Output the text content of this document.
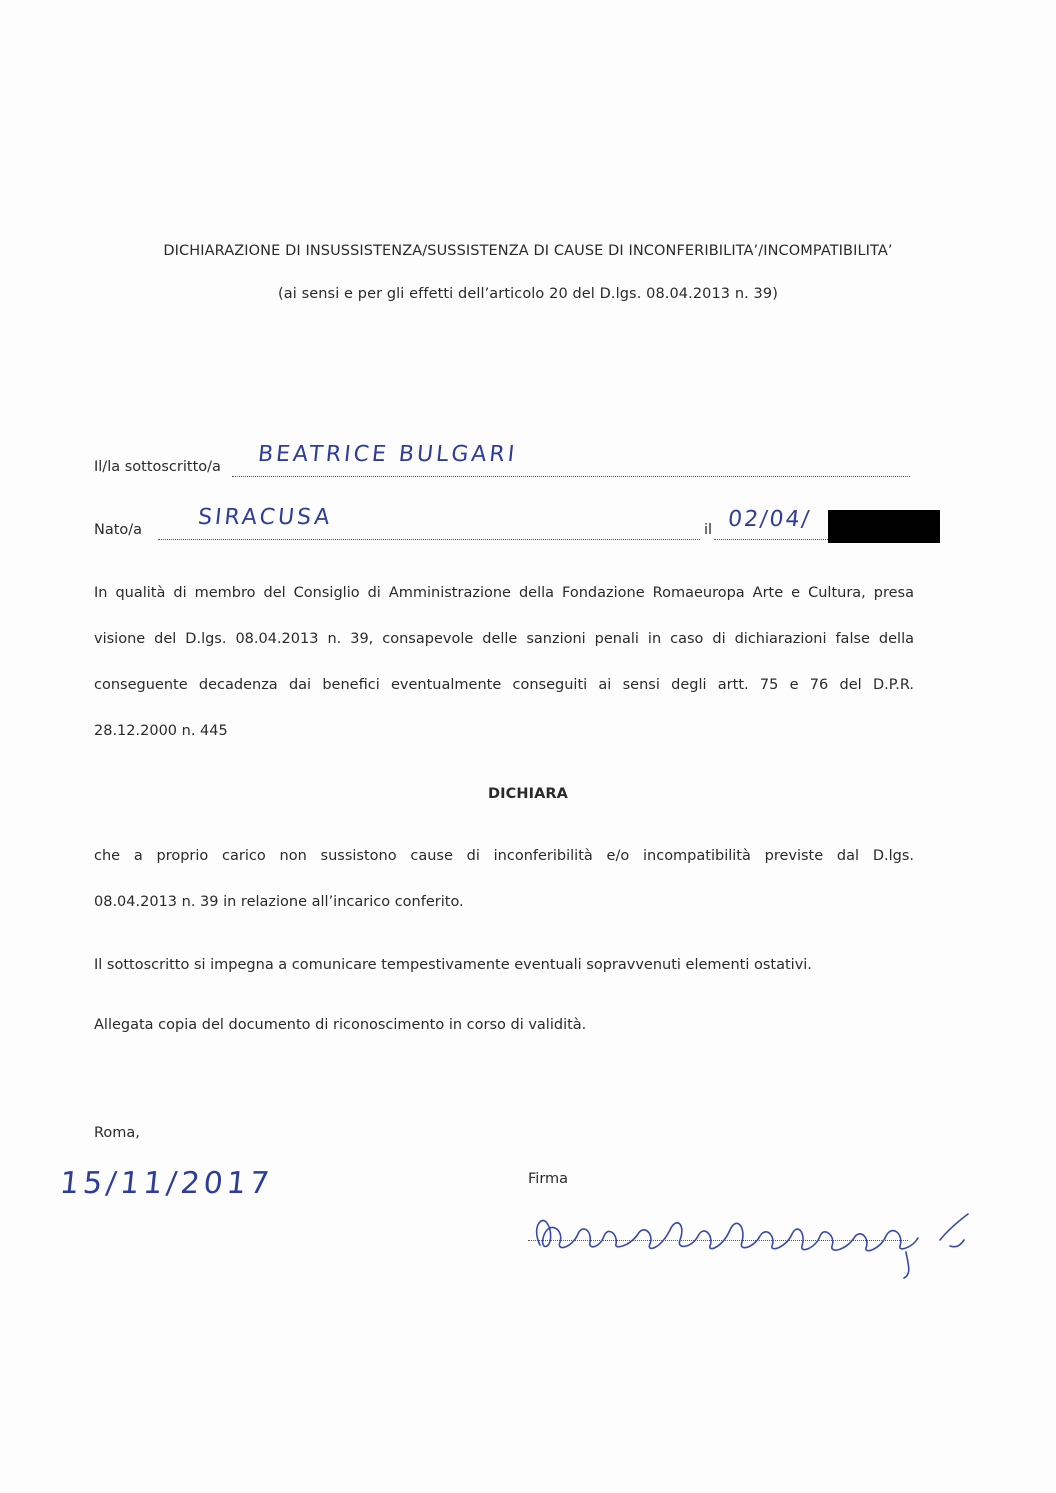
DICHIARAZIONE DI INSUSSISTENZA/SUSSISTENZA DI CAUSE DI INCONFERIBILITA’/INCOMPATIBILITA’
(ai sensi e per gli effetti dell’articolo 20 del D.lgs. 08.04.2013 n. 39)
Il/la sottoscritto/a BEATRICE BULGARI
Nato/a SIRACUSA	il 02/04/
In qualità di membro del Consiglio di Amministrazione della Fondazione Romaeuropa Arte e Cultura, presa
visione del D.lgs. 08.04.2013 n. 39, consapevole delle sanzioni penali in caso di dichiarazioni false della
conseguente decadenza dai benefici eventualmente conseguiti ai sensi degli artt. 75 e 76 del D.P.R.
28.12.2000 n. 445
DICHIARA
che a proprio carico non sussistono cause di inconferibilità e/o incompatibilità previste dal D.lgs.
08.04.2013 n. 39 in relazione all’incarico conferito.
Il sottoscritto si impegna a comunicare tempestivamente eventuali sopravvenuti elementi ostativi.
Allegata copia del documento di riconoscimento in corso di validità.
Roma,
15/11/2017	Firma
